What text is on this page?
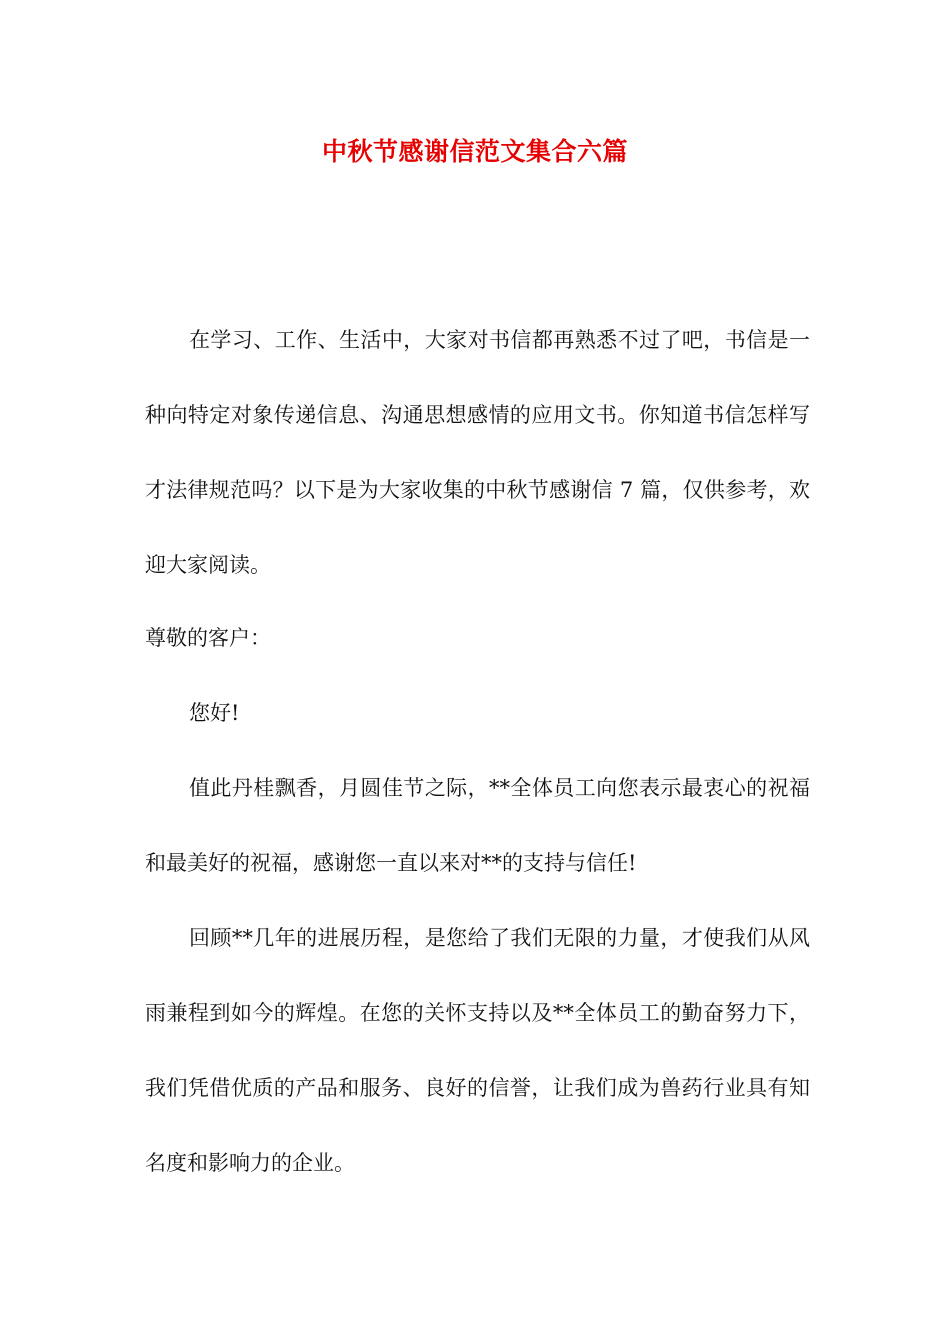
中秋节感谢信范文集合六篇

在学习、工作、生活中，大家对书信都再熟悉不过了吧，书信是一种向特定对象传递信息、沟通思想感情的应用文书。你知道书信怎样写才法律规范吗？以下是为大家收集的中秋节感谢信 7 篇，仅供参考，欢迎大家阅读。

尊敬的客户：

您好!

值此丹桂飘香，月圆佳节之际，**全体员工向您表示最衷心的祝福和最美好的祝福，感谢您一直以来对**的支持与信任!

回顾**几年的进展历程，是您给了我们无限的力量，才使我们从风雨兼程到如今的辉煌。在您的关怀支持以及**全体员工的勤奋努力下，我们凭借优质的产品和服务、良好的信誉，让我们成为兽药行业具有知名度和影响力的企业。
